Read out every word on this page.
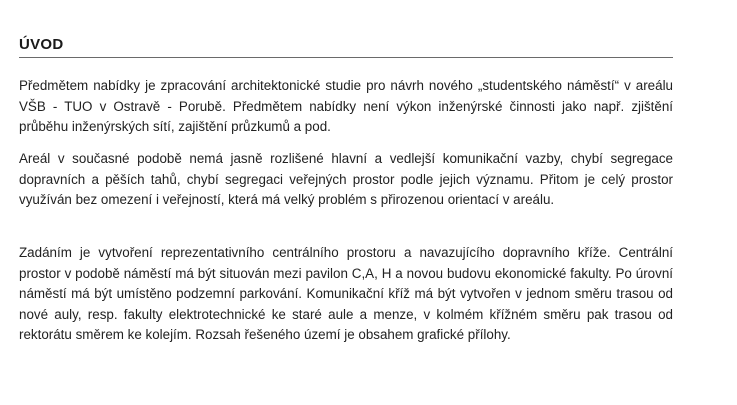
ÚVOD

Předmětem nabídky je zpracování architektonické studie pro návrh nového „studentského náměstí“ v areálu VŠB - TUO v Ostravě - Porubě. Předmětem nabídky není výkon inženýrské činnosti jako např. zjištění průběhu inženýrských sítí, zajištění průzkumů a pod.

Areál v současné podobě nemá jasně rozlišené hlavní a vedlejší komunikační vazby, chybí segregace dopravních a pěších tahů, chybí segregaci veřejných prostor podle jejich významu. Přitom je celý prostor využíván bez omezení i veřejností, která má velký problém s přirozenou orientací v areálu.

Zadáním je vytvoření reprezentativního centrálního prostoru a navazujícího dopravního kříže. Centrální prostor v podobě náměstí má být situován mezi pavilon C,A, H a novou budovu ekonomické fakulty. Po úrovní náměstí má být umístěno podzemní parkování. Komunikační kříž má být vytvořen v jednom směru trasou od nové auly, resp. fakulty elektrotechnické ke staré aule a menze, v kolmém křížném směru pak trasou od rektorátu směrem ke kolejím. Rozsah řešeného území je obsahem grafické přílohy.
